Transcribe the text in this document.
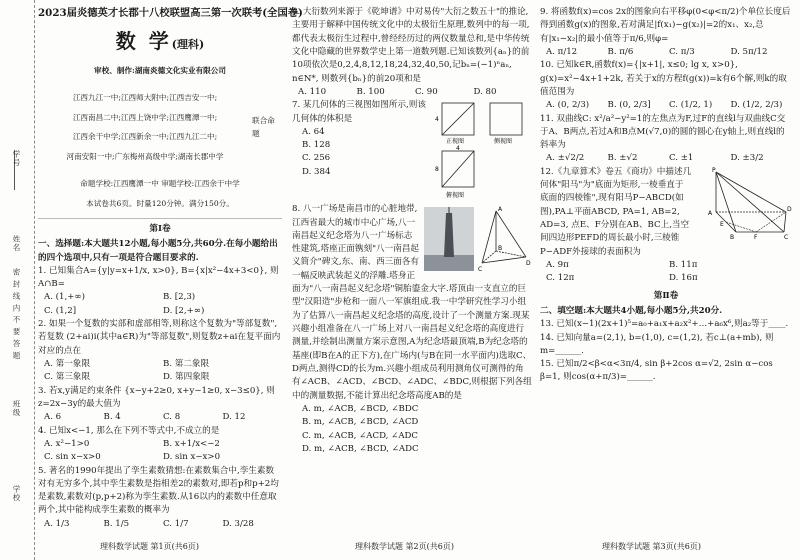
学号
姓名
密 封 线 内 不 要 答 题
班级
学校

2023届炎德英才长郡十八校联盟高三第一次联考(全国卷)

数 学(理科)

审校、制作:湖南炎德文化实业有限公司

江西九江一中;江西师大附中;江西吉安一中;

江西南昌二中;江西上饶中学;江西鹰潭一中;

江西余干中学;江西新余一中;江西九江二中;

河南安阳一中;广东梅州高级中学;湖南长郡中学

联合命题

命题学校:江西鹰潭一中 审题学校:江西余干中学

本试卷共6页。时量120分钟。满分150分。

第Ⅰ卷

一、选择题:本大题共12小题,每小题5分,共60分.在每小题给出的四个选项中,只有一项是符合题目要求的.

1. 已知集合A={y|y=x+1/x, x>0}, B={x|x²−4x+3<0}, 则A∩B=

A. (1,+∞)	B. [2,3)
C. (1,2]	D. [2,+∞)

2. 如果一个复数的实部和虚部相等,则称这个复数为"等部复数",若复数 (2+ai)i(其中a∈R)为"等部复数",则复数z+ai在复平面内对应的点在

A. 第一象限	B. 第二象限
C. 第三象限	D. 第四象限

3. 若x,y满足约束条件 {x−y+2≥0, x+y−1≥0, x−3≤0}, 则z=2x−3y的最大值为

A. 6	B. 4	C. 8	D. 12

4. 已知x<−1, 那么在下列不等式中,不成立的是

A. x²−1>0	B. x+1/x<−2
C. sin x−x>0	D. sin x−x>0

5. 著名的1990年提出了孪生素数猜想:在素数集合中,孪生素数对有无穷多个,其中孪生素数是指相差2的素数对,即若p和p+2均是素数,素数对(p,p+2)称为孪生素数.从16以内的素数中任意取两个,其中能构成孪生素数的概率为

A. 1/3	B. 1/5	C. 1/7	D. 3/28
理科数学试题 第1页(共6页)

6. 大衍数列来源于《乾坤谱》中对易传"大衍之数五十"的推论,主要用于解释中国传统文化中的太极衍生原理,数列中的每一项,都代表太极衍生过程中,曾经经历过的两仪数量总和,是中华传统文化中隐藏的世界数学史上第一道数列题.已知该数列{aₙ}的前10项依次是0,2,4,8,12,18,24,32,40,50,记bₙ=(−1)ⁿaₙ, n∈N*, 则数列{bₙ}的前20项和是

A. 110	B. 100	C. 90	D. 80

7. 某几何体的三视图如图所示,则该几何体的体积是

A. 64

B. 128

C. 256

D. 384

正视图	侧视图
4
8
4
俯视图
A
B
C
D

8. 八一广场是南昌市的心脏地带,江西省最大的城市中心广场,八一南昌起义纪念塔为八一广场标志性建筑,塔座正面镌刻"八一南昌起义简介"碑文,东、南、西三面各有一幅反映武装起义的浮雕.塔身正面为"八一南昌起义纪念塔"铜胎鎏金大字.塔顶由一支直立的巨型"汉阳造"步枪和一面八一军旗组成.我一中学研究性学习小组为了估算八一南昌起义纪念塔的高度,设计了一个测量方案.现某兴趣小组准备在八一广场上对八一南昌起义纪念塔的高度进行测量,并绘制出测量方案示意图,A为纪念塔最顶端,B为纪念塔的基座(即B在A的正下方),在广场内(与B在同一水平面内)选取C、D两点,测得CD的长为m.兴趣小组成员利用测角仪可测得的角有∠ACB、∠ACD、∠BCD、∠ADC、∠BDC,则根据下列各组中的测量数据,不能计算出纪念塔高度AB的是

A. m, ∠ACB, ∠BCD, ∠BDC

B. m, ∠ACB, ∠BCD, ∠ACD

C. m, ∠ACB, ∠ACD, ∠ADC

D. m, ∠ACB, ∠BCD, ∠ADC

理科数学试题 第2页(共6页)

9. 将函数f(x)=cos 2x的图象向右平移φ(0<φ<π/2)个单位长度后得到函数g(x)的图象,若对满足|f(x₁)−g(x₂)|=2的x₁、x₂,总有|x₁−x₂|的最小值等于π/6,则φ=

A. π/12	B. π/6	C. π/3	D. 5π/12

10. 已知k∈R,函数f(x)={|x+1|, x≤0; lg x, x>0}, g(x)=x²−4x+1+2k, 若关于x的方程f(g(x))=k有6个解,则k的取值范围为

A. (0, 2/3)	B. (0, 2/3]	C. (1/2, 1)	D. (1/2, 2/3)

11. 双曲线C: x²/a²−y²=1的左焦点为F,过F的直线l与双曲线C交于A、B两点,若过A和B点M(√7,0)的圆的圆心在y轴上,则直线l的斜率为

A. ±√2/2	B. ±√2	C. ±1	D. ±3/2
P
A
B	C
D
E
F

12.《九章算术》卷五《商功》中描述几何体"阳马"为"底面为矩形,一棱垂直于底面的四棱锥",现有阳马P−ABCD(如图),PA⊥平面ABCD, PA=1, AB=2, AD=3, 点E、F分别在AB、BC上,当空间四边形PEFD的周长最小时,三棱锥P−ADF外接球的表面积为

A. 9π	B. 11π
C. 12π	D. 16π

第Ⅱ卷

二、填空题:本大题共4小题,每小题5分,共20分.

13. 已知(x−1)(2x+1)⁵=a₀+a₁x+a₂x²+…+a₆x⁶,则a₂等于____.

14. 已知向量a=(2,1), b=(1,0), c=(1,2), 若c⊥(a+mb), 则m=______.

15. 已知π/2<β<α<3π/4, sin β+2cos α=√2, 2sin α−cos β=1, 则cos(α+π/3)=______.

理科数学试题 第3页(共6页)
